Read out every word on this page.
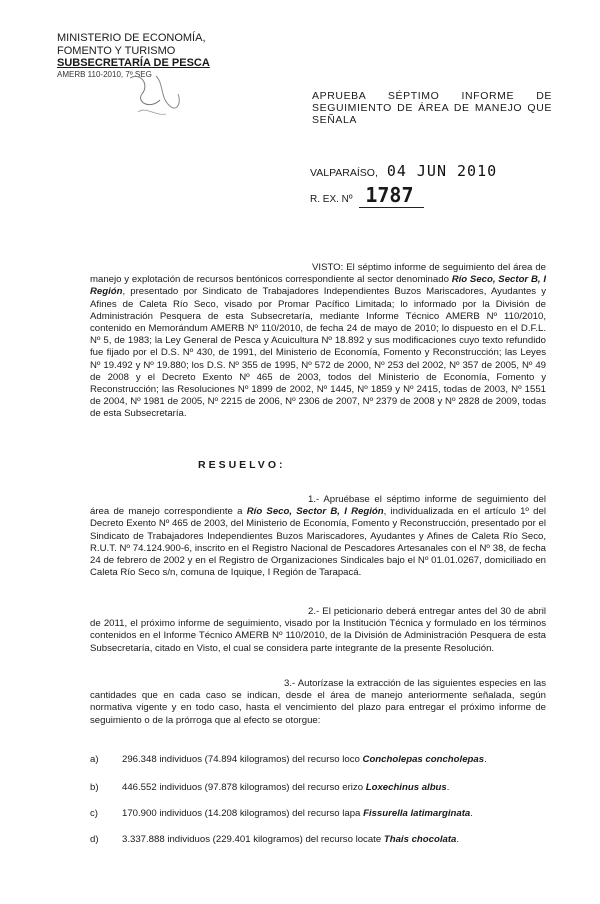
MINISTERIO DE ECONOMÍA,
FOMENTO Y TURISMO
SUBSECRETARÍA DE PESCA
AMERB 110-2010, 7º SEG
APRUEBA SÉPTIMO INFORME DE SEGUIMIENTO DE ÁREA DE MANEJO QUE SEÑALA
VALPARAÍSO, 04 JUN 2010
R. EX. Nº 1787
VISTO: El séptimo informe de seguimiento del área de manejo y explotación de recursos bentónicos correspondiente al sector denominado Río Seco, Sector B, I Región, presentado por Sindicato de Trabajadores Independientes Buzos Mariscadores, Ayudantes y Afines de Caleta Río Seco, visado por Promar Pacífico Limitada; lo informado por la División de Administración Pesquera de esta Subsecretaría, mediante Informe Técnico AMERB Nº 110/2010, contenido en Memorándum AMERB Nº 110/2010, de fecha 24 de mayo de 2010; lo dispuesto en el D.F.L. Nº 5, de 1983; la Ley General de Pesca y Acuicultura Nº 18.892 y sus modificaciones cuyo texto refundido fue fijado por el D.S. Nº 430, de 1991, del Ministerio de Economía, Fomento y Reconstrucción; las Leyes Nº 19.492 y Nº 19.880; los D.S. Nº 355 de 1995, Nº 572 de 2000, Nº 253 del 2002, Nº 357 de 2005, Nº 49 de 2008 y el Decreto Exento Nº 465 de 2003, todos del Ministerio de Economía, Fomento y Reconstrucción; las Resoluciones Nº 1899 de 2002, Nº 1445, Nº 1859 y Nº 2415, todas de 2003, Nº 1551 de 2004, Nº 1981 de 2005, Nº 2215 de 2006, Nº 2306 de 2007, Nº 2379 de 2008 y Nº 2828 de 2009, todas de esta Subsecretaría.
RESUELVO:
1.- Apruébase el séptimo informe de seguimiento del área de manejo correspondiente a Río Seco, Sector B, I Región, individualizada en el artículo 1º del Decreto Exento Nº 465 de 2003, del Ministerio de Economía, Fomento y Reconstrucción, presentado por el Sindicato de Trabajadores Independientes Buzos Mariscadores, Ayudantes y Afines de Caleta Río Seco, R.U.T. Nº 74.124.900-6, inscrito en el Registro Nacional de Pescadores Artesanales con el Nº 38, de fecha 24 de febrero de 2002 y en el Registro de Organizaciones Sindicales bajo el Nº 01.01.0267, domiciliado en Caleta Río Seco s/n, comuna de Iquique, I Región de Tarapacá.
2.- El peticionario deberá entregar antes del 30 de abril de 2011, el próximo informe de seguimiento, visado por la Institución Técnica y formulado en los términos contenidos en el Informe Técnico AMERB Nº 110/2010, de la División de Administración Pesquera de esta Subsecretaría, citado en Visto, el cual se considera parte integrante de la presente Resolución.
3.- Autorízase la extracción de las siguientes especies en las cantidades que en cada caso se indican, desde el área de manejo anteriormente señalada, según normativa vigente y en todo caso, hasta el vencimiento del plazo para entregar el próximo informe de seguimiento o de la prórroga que al efecto se otorgue:
a) 296.348 individuos (74.894 kilogramos) del recurso loco Concholepas concholepas.
b) 446.552 individuos (97.878 kilogramos) del recurso erizo Loxechinus albus.
c)	170.900 individuos (14.208 kilogramos) del recurso lapa Fissurella latimarginata.
d) 3.337.888 individuos (229.401 kilogramos) del recurso locate Thais chocolata.
